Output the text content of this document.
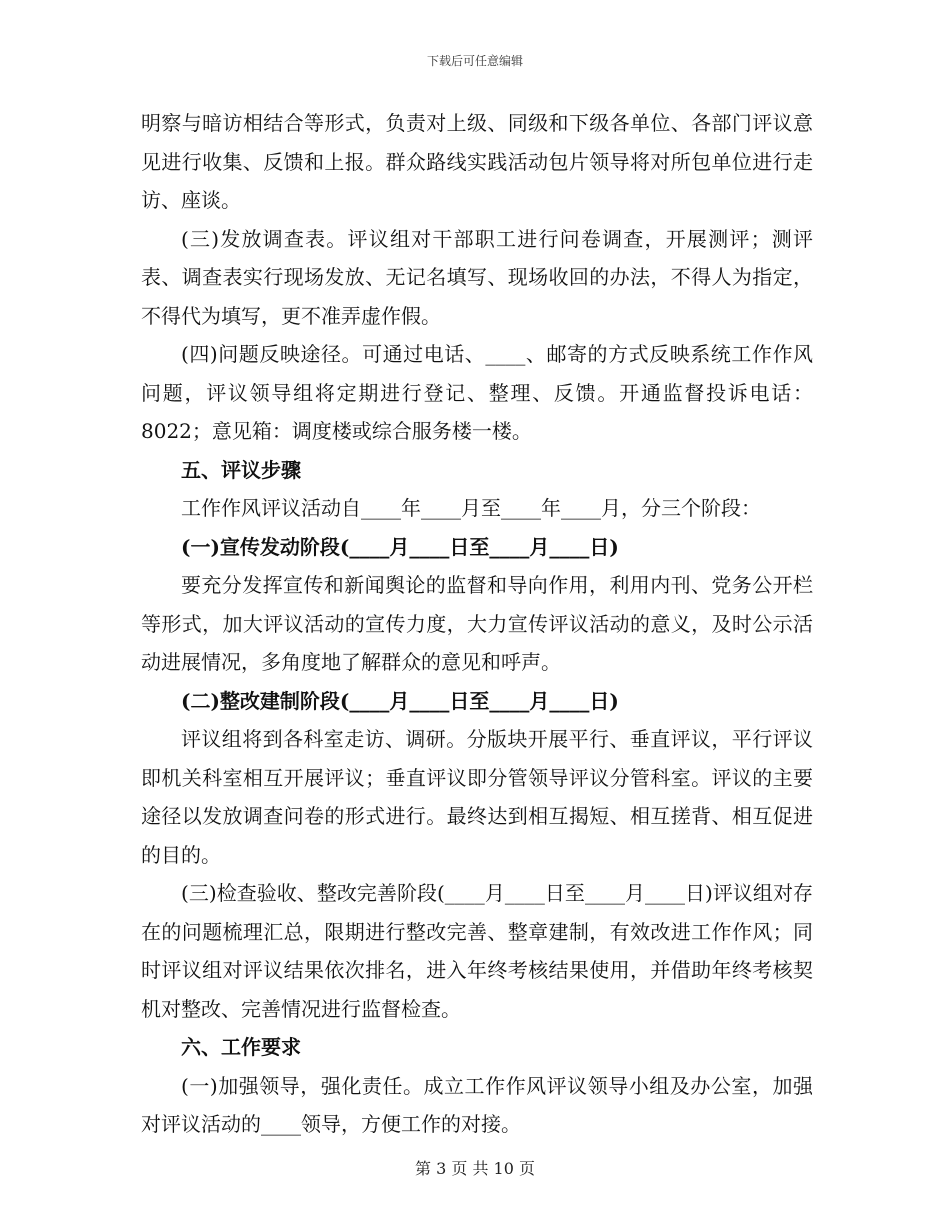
下载后可任意编辑

明察与暗访相结合等形式，负责对上级、同级和下级各单位、各部门评议意见进行收集、反馈和上报。群众路线实践活动包片领导将对所包单位进行走访、座谈。

(三)发放调查表。评议组对干部职工进行问卷调查，开展测评；测评表、调查表实行现场发放、无记名填写、现场收回的办法，不得人为指定，不得代为填写，更不准弄虚作假。

(四)问题反映途径。可通过电话、____、邮寄的方式反映系统工作作风问题，评议领导组将定期进行登记、整理、反馈。开通监督投诉电话：8022；意见箱：调度楼或综合服务楼一楼。

五、评议步骤

工作作风评议活动自____年____月至____年____月，分三个阶段：

(一)宣传发动阶段(____月____日至____月____日)

要充分发挥宣传和新闻舆论的监督和导向作用，利用内刊、党务公开栏等形式，加大评议活动的宣传力度，大力宣传评议活动的意义，及时公示活动进展情况，多角度地了解群众的意见和呼声。

(二)整改建制阶段(____月____日至____月____日)

评议组将到各科室走访、调研。分版块开展平行、垂直评议，平行评议即机关科室相互开展评议；垂直评议即分管领导评议分管科室。评议的主要途径以发放调查问卷的形式进行。最终达到相互揭短、相互搓背、相互促进的目的。

(三)检查验收、整改完善阶段(____月____日至____月____日)评议组对存在的问题梳理汇总，限期进行整改完善、整章建制，有效改进工作作风；同时评议组对评议结果依次排名，进入年终考核结果使用，并借助年终考核契机对整改、完善情况进行监督检查。

六、工作要求

(一)加强领导，强化责任。成立工作作风评议领导小组及办公室，加强对评议活动的____领导，方便工作的对接。

第 3 页 共 10 页
